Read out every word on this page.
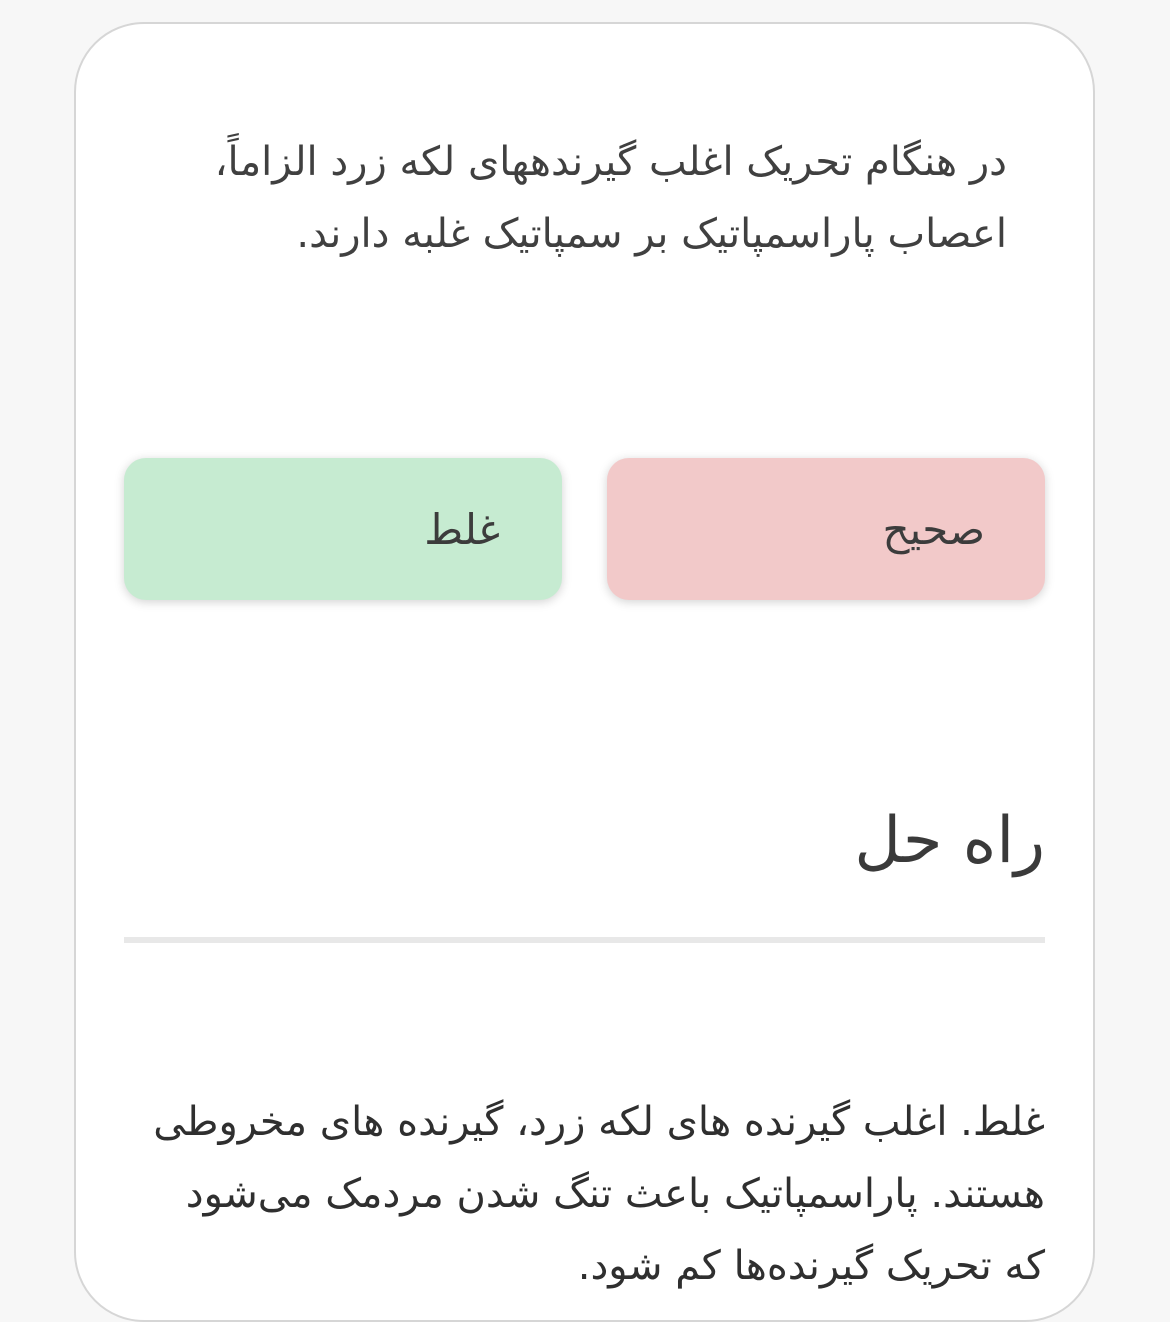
در هنگام تحریک اغلب گیرندههای لکه زرد الزاماً، اعصاب پاراسمپاتیک بر سمپاتیک غلبه دارند.

صحیح
غلط
راه حل

غلط. اغلب گیرنده های لکه زرد، گیرنده های مخروطی هستند. پاراسمپاتیک باعث تنگ شدن مردمک می‌شود که تحریک گیرنده‌ها کم شود.
